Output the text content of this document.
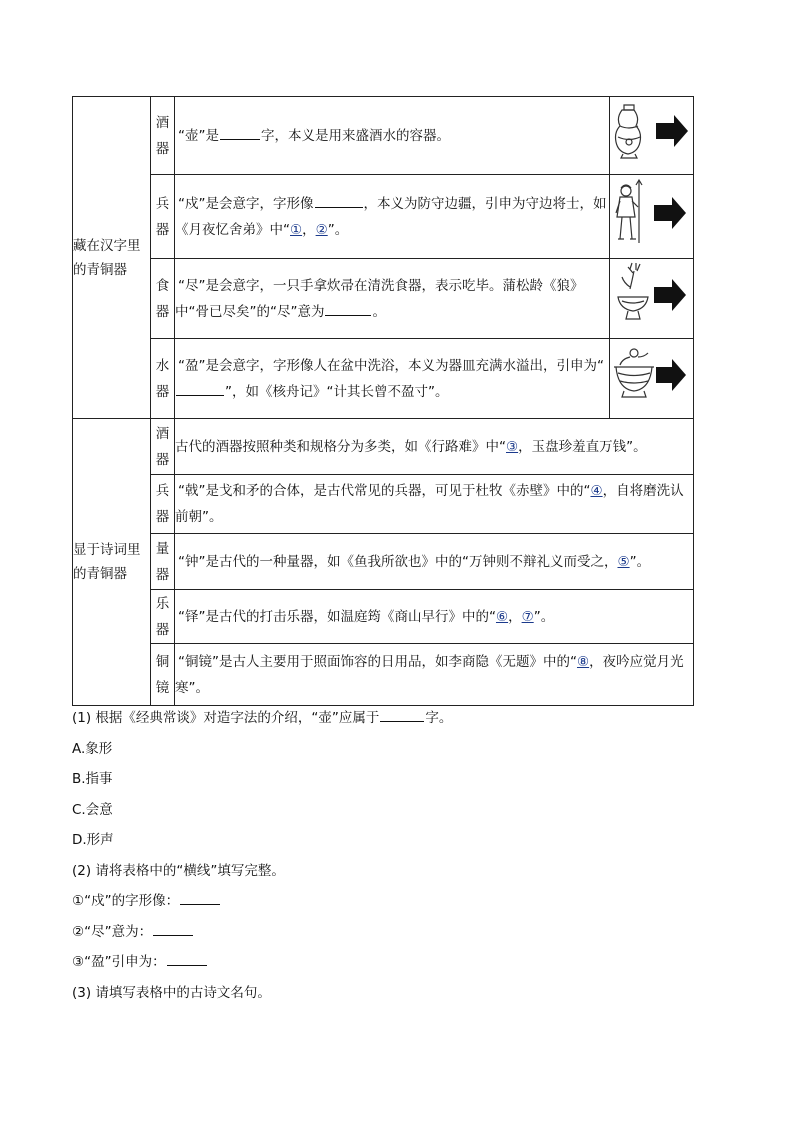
藏在汉字里的青铜器	酒器	“壶”是 字，本义是用来盛酒水的容器。	

	兵器	“戍”是会意字，字形像 ，本义为防守边疆，引申为守边将士，如《月夜忆舍弟》中“①，②”。	

	食器	“尽”是会意字，一只手拿炊帚在清洗食器，表示吃毕。蒲松龄《狼》中“骨已尽矣”的“尽”意为 。	

	水器	“盈”是会意字，字形像人在盆中洗浴，本义为器皿充满水溢出，引申为“”，如《核舟记》“计其长曾不盈寸”。	

显于诗词里的青铜器	酒器	古代的酒器按照种类和规格分为多类，如《行路难》中“③，玉盘珍羞直万钱”。	
	兵器	“戟”是戈和矛的合体，是古代常见的兵器，可见于杜牧《赤壁》中的“④，自将磨洗认前朝”。	
	量器	“钟”是古代的一种量器，如《鱼我所欲也》中的“万钟则不辩礼义而受之，⑤”。	
	乐器	“铎”是古代的打击乐器，如温庭筠《商山早行》中的“⑥，⑦”。	
	铜镜	“铜镜”是古人主要用于照面饰容的日用品，如李商隐《无题》中的“⑧，夜吟应觉月光寒”。	
(1) 根据《经典常谈》对造字法的介绍，“壶”应属于	字。
A.象形
B.指事
C.会意
D.形声
(2) 请将表格中的“横线”填写完整。
①“戍”的字形像：
②“尽”意为：
③“盈”引申为：
(3) 请填写表格中的古诗文名句。
